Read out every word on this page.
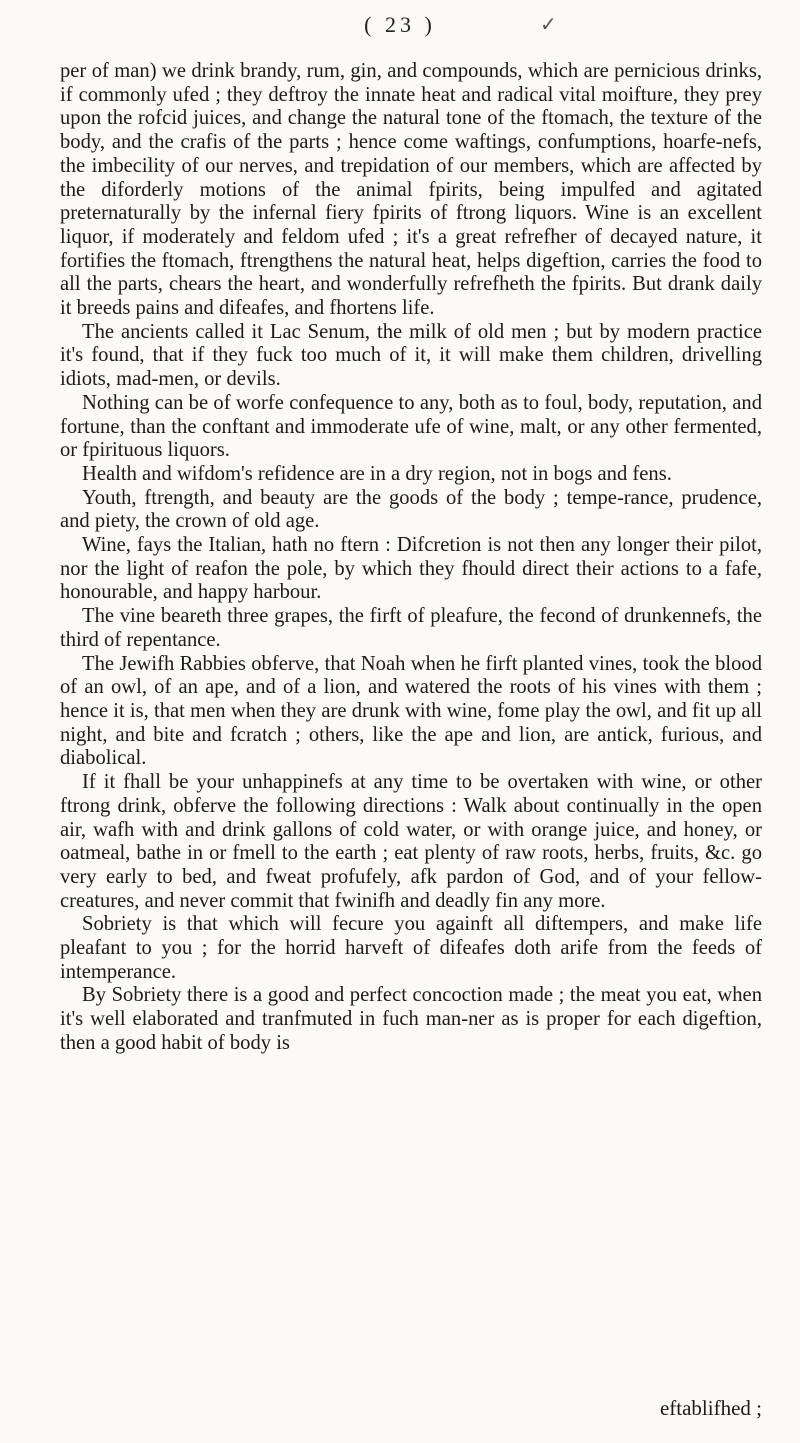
( 23 )	✓

per of man) we drink brandy, rum, gin, and compounds, which are pernicious drinks, if commonly ufed ; they deftroy the innate heat and radical vital moifture, they prey upon the rofcid juices, and change the natural tone of the ftomach, the texture of the body, and the crafis of the parts ; hence come waftings, confumptions, hoarfe-nefs, the imbecility of our nerves, and trepidation of our members, which are affected by the diforderly motions of the animal fpirits, being impulfed and agitated preternaturally by the infernal fiery fpirits of ftrong liquors. Wine is an excellent liquor, if moderately and feldom ufed ; it's a great refrefher of decayed nature, it fortifies the ftomach, ftrengthens the natural heat, helps digeftion, carries the food to all the parts, chears the heart, and wonderfully refrefheth the fpirits. But drank daily it breeds pains and difeafes, and fhortens life.

The ancients called it Lac Senum, the milk of old men ; but by modern practice it's found, that if they fuck too much of it, it will make them children, drivelling idiots, mad-men, or devils.

Nothing can be of worfe confequence to any, both as to foul, body, reputation, and fortune, than the conftant and immoderate ufe of wine, malt, or any other fermented, or fpirituous liquors.

Health and wifdom's refidence are in a dry region, not in bogs and fens.

Youth, ftrength, and beauty are the goods of the body ; tempe-rance, prudence, and piety, the crown of old age.

Wine, fays the Italian, hath no ftern : Difcretion is not then any longer their pilot, nor the light of reafon the pole, by which they fhould direct their actions to a fafe, honourable, and happy harbour.

The vine beareth three grapes, the firft of pleafure, the fecond of drunkennefs, the third of repentance.

The Jewifh Rabbies obferve, that Noah when he firft planted vines, took the blood of an owl, of an ape, and of a lion, and watered the roots of his vines with them ; hence it is, that men when they are drunk with wine, fome play the owl, and fit up all night, and bite and fcratch ; others, like the ape and lion, are antick, furious, and diabolical.

If it fhall be your unhappinefs at any time to be overtaken with wine, or other ftrong drink, obferve the following directions : Walk about continually in the open air, wafh with and drink gallons of cold water, or with orange juice, and honey, or oatmeal, bathe in or fmell to the earth ; eat plenty of raw roots, herbs, fruits, &c. go very early to bed, and fweat profufely, afk pardon of God, and of your fellow-creatures, and never commit that fwinifh and deadly fin any more.

Sobriety is that which will fecure you againft all diftempers, and make life pleafant to you ; for the horrid harveft of difeafes doth arife from the feeds of intemperance.

By Sobriety there is a good and perfect concoction made ; the meat you eat, when it's well elaborated and tranfmuted in fuch man-ner as is proper for each digeftion, then a good habit of body is

eftablifhed ;
